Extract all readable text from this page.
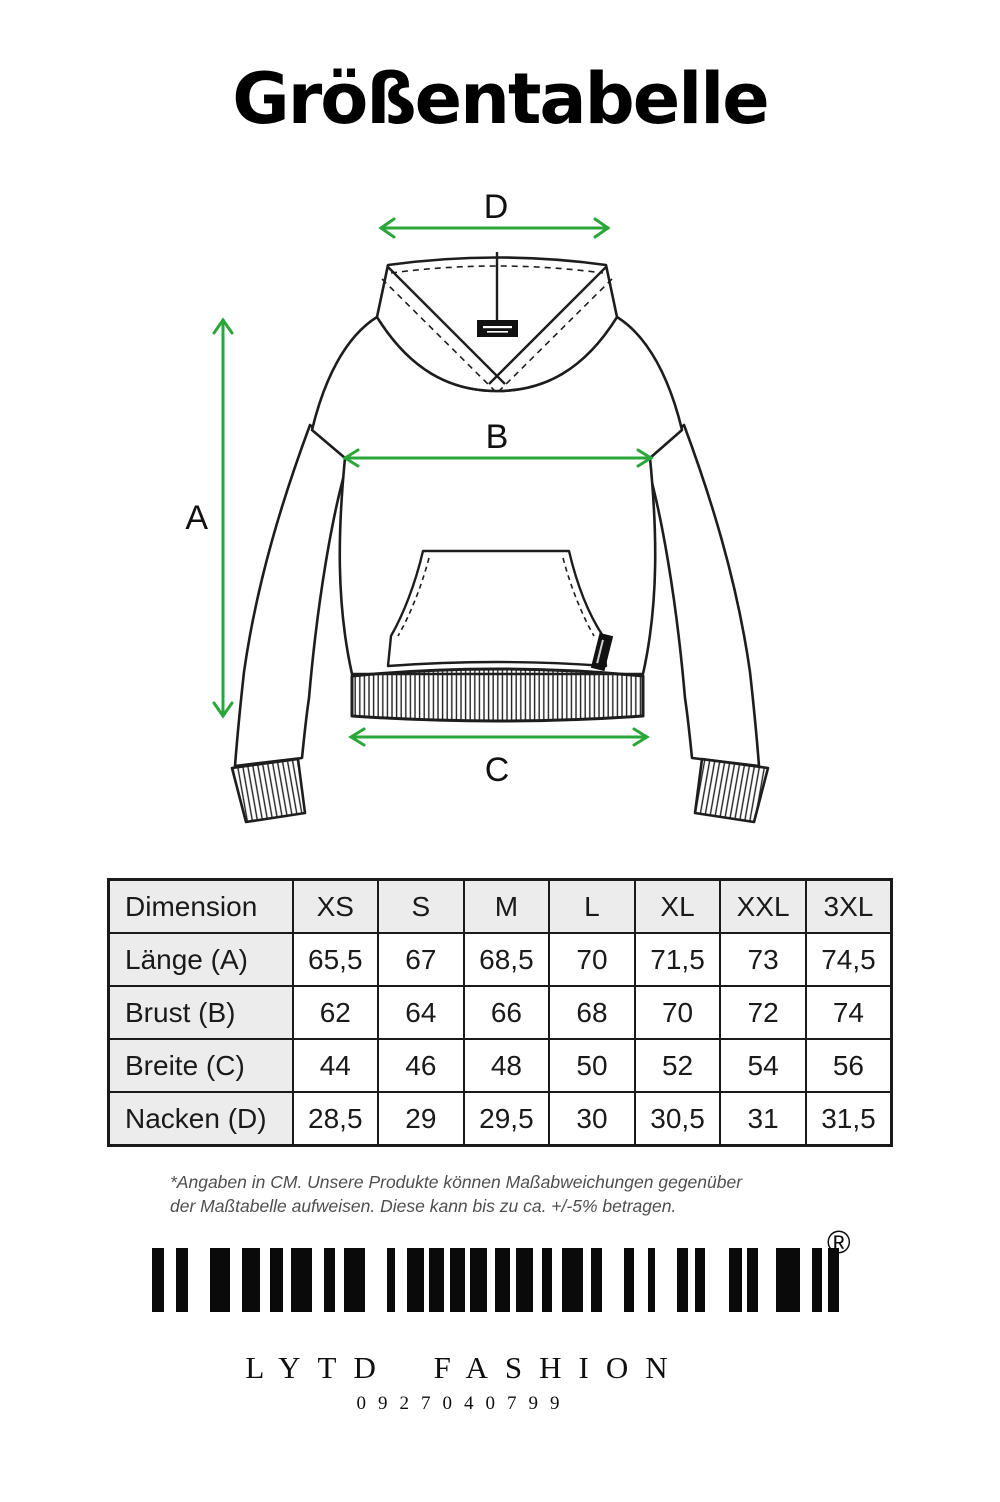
Größentabelle
D
A
B
C
Dimension	XS	S	M	L	XL	XXL	3XL
Länge (A)	65,5	67	68,5	70	71,5	73	74,5
Brust (B)	62	64	66	68	70	72	74
Breite (C)	44	46	48	50	52	54	56
Nacken (D)	28,5	29	29,5	30	30,5	31	31,5
*Angaben in CM. Unsere Produkte können Maßabweichungen gegenüber
der Maßtabelle aufweisen. Diese kann bis zu ca. +/-5% betragen.
®
LYTD FASHION
0927040799
